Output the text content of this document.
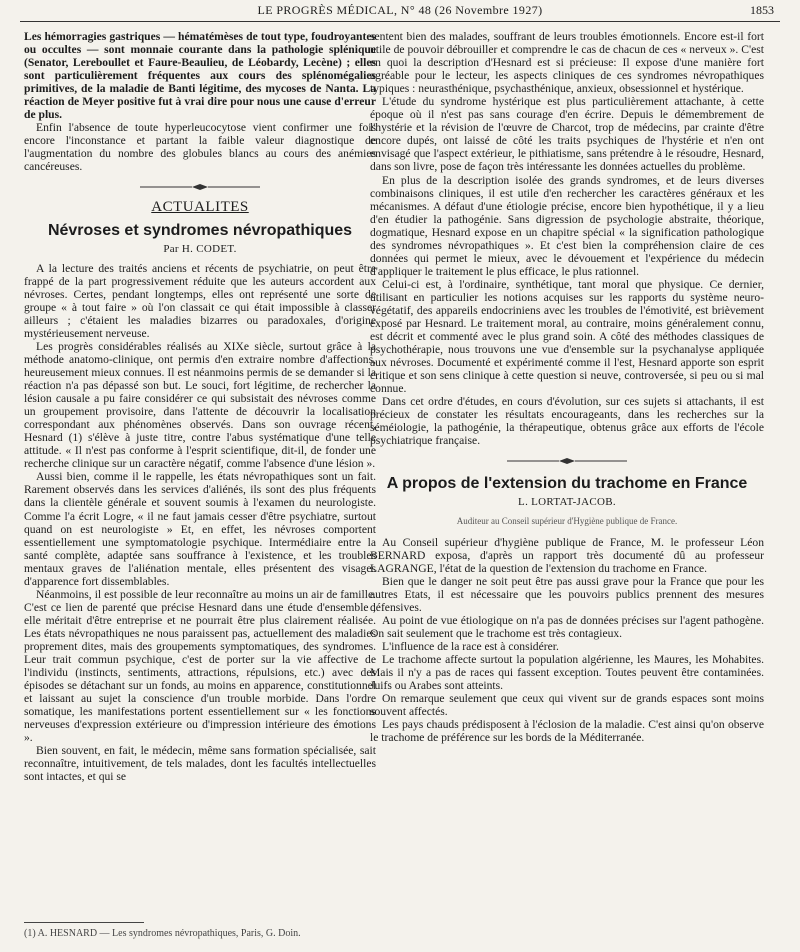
LE PROGRÈS MÉDICAL, N° 48 (26 Novembre 1927)	1853

Les hémorragies gastriques — hématémèses de tout type, foudroyantes ou occultes — sont monnaie courante dans la pathologie splénique (Senator, Lereboullet et Faure-Beaulieu, de Léobardy, Lecène) ; elles sont particulièrement fréquentes aux cours des splénomégalies primitives, de la maladie de Banti légitime, des mycoses de Nanta. La réaction de Meyer positive fut à vrai dire pour nous une cause d'erreur de plus.

Enfin l'absence de toute hyperleucocytose vient confirmer une fois encore l'inconstance et partant la faible valeur diagnostique de l'augmentation du nombre des globules blancs au cours des anémies cancéreuses.

ACTUALITES
Névroses et syndromes névropathiques
Par H. CODET.

A la lecture des traités anciens et récents de psychiatrie, on peut être frappé de la part progressivement réduite que les auteurs accordent aux névroses. Certes, pendant longtemps, elles ont représenté une sorte de groupe « à tout faire » où l'on classait ce qui était impossible à classer ailleurs ; c'étaient les maladies bizarres ou paradoxales, d'origine mystérieusement nerveuse.

Les progrès considérables réalisés au XIXe siècle, surtout grâce à la méthode anatomo-clinique, ont permis d'en extraire nombre d'affections, heureusement mieux connues. Il est néanmoins permis de se demander si la réaction n'a pas dépassé son but. Le souci, fort légitime, de rechercher la lésion causale a pu faire considérer ce qui subsistait des névroses comme un groupement provisoire, dans l'attente de découvrir la localisation correspondant aux phénomènes observés. Dans son ouvrage récent, Hesnard (1) s'élève à juste titre, contre l'abus systématique d'une telle attitude. « Il n'est pas conforme à l'esprit scientifique, dit-il, de fonder une recherche clinique sur un caractère négatif, comme l'absence d'une lésion ».

Aussi bien, comme il le rappelle, les états névropathiques sont un fait. Rarement observés dans les services d'aliénés, ils sont des plus fréquents dans la clientèle générale et souvent soumis à l'examen du neurologiste. Comme l'a écrit Logre, « il ne faut jamais cesser d'être psychiatre, surtout quand on est neurologiste » Et, en effet, les névroses comportent essentiellement une symptomatologie psychique. Intermédiaire entre la santé complète, adaptée sans souffrance à l'existence, et les troubles mentaux graves de l'aliénation mentale, elles présentent des visages d'apparence fort dissemblables.

Néanmoins, il est possible de leur reconnaître au moins un air de famille. C'est ce lien de parenté que précise Hesnard dans une étude d'ensemble ; elle méritait d'être entreprise et ne pourrait être plus clairement réalisée. Les états névropathiques ne nous paraissent pas, actuellement des maladies proprement dites, mais des groupements symptomatiques, des syndromes. Leur trait commun psychique, c'est de porter sur la vie affective de l'individu (instincts, sentiments, attractions, répulsions, etc.) avec des épisodes se détachant sur un fonds, au moins en apparence, constitutionnel et laissant au sujet la conscience d'un trouble morbide. Dans l'ordre somatique, les manifestations portent essentiellement sur « les fonctions nerveuses d'expression extérieure ou d'impression intérieure des émotions ».

Bien souvent, en fait, le médecin, même sans formation spécialisée, sait reconnaître, intuitivement, de tels malades, dont les facultés intellectuelles sont intactes, et qui se

(1) A. HESNARD — Les syndromes névropathiques, Paris, G. Doin.

sentent bien des malades, souffrant de leurs troubles émotionnels. Encore est-il fort utile de pouvoir débrouiller et comprendre le cas de chacun de ces « nerveux ». C'est en quoi la description d'Hesnard est si précieuse: Il expose d'une manière fort agréable pour le lecteur, les aspects cliniques de ces syndromes névropathiques typiques : neurasthénique, psychasthénique, anxieux, obsessionnel et hystérique.

L'étude du syndrome hystérique est plus particulièrement attachante, à cette époque où il n'est pas sans courage d'en écrire. Depuis le démembrement de l'hystérie et la révision de l'œuvre de Charcot, trop de médecins, par crainte d'être encore dupés, ont laissé de côté les traits psychiques de l'hystérie et n'en ont envisagé que l'aspect extérieur, le pithiatisme, sans prétendre à le résoudre, Hesnard, dans son livre, pose de façon très intéressante les données actuelles du problème.

En plus de la description isolée des grands syndromes, et de leurs diverses combinaisons cliniques, il est utile d'en rechercher les caractères généraux et les mécanismes. A défaut d'une étiologie précise, encore bien hypothétique, il y a lieu d'en étudier la pathogénie. Sans digression de psychologie abstraite, théorique, dogmatique, Hesnard expose en un chapitre spécial « la signification pathologique des syndromes névropathiques ». Et c'est bien la compréhension claire de ces données qui permet le mieux, avec le dévouement et l'expérience du médecin d'appliquer le traitement le plus efficace, le plus rationnel.

Celui-ci est, à l'ordinaire, synthétique, tant moral que physique. Ce dernier, utilisant en particulier les notions acquises sur les rapports du système neuro-végétatif, des appareils endocriniens avec les troubles de l'émotivité, est brièvement exposé par Hesnard. Le traitement moral, au contraire, moins généralement connu, est décrit et commenté avec le plus grand soin. A côté des méthodes classiques de psychothérapie, nous trouvons une vue d'ensemble sur la psychanalyse appliquée aux névroses. Documenté et expérimenté comme il l'est, Hesnard apporte son esprit critique et son sens clinique à cette question si neuve, controversée, si peu ou si mal connue.

Dans cet ordre d'études, en cours d'évolution, sur ces sujets si attachants, il est précieux de constater les résultats encourageants, dans les recherches sur la séméiologie, la pathogénie, la thérapeutique, obtenus grâce aux efforts de l'école psychiatrique française.

A propos de l'extension du trachome en France
L. LORTAT-JACOB.
Auditeur au Conseil supérieur d'Hygiène publique de France.

Au Conseil supérieur d'hygiène publique de France, M. le professeur Léon BERNARD exposa, d'après un rapport très documenté dû au professeur LAGRANGE, l'état de la question de l'extension du trachome en France.

Bien que le danger ne soit peut être pas aussi grave pour la France que pour les autres Etats, il est nécessaire que les pouvoirs publics prennent des mesures défensives.

Au point de vue étiologique on n'a pas de données précises sur l'agent pathogène. On sait seulement que le trachome est très contagieux.

L'influence de la race est à considérer.

Le trachome affecte surtout la population algérienne, les Maures, les Mohabites. Mais il n'y a pas de races qui fassent exception. Toutes peuvent être contaminées. Juifs ou Arabes sont atteints.

On remarque seulement que ceux qui vivent sur de grands espaces sont moins souvent affectés.

Les pays chauds prédisposent à l'éclosion de la maladie. C'est ainsi qu'on observe le trachome de préférence sur les bords de la Méditerranée.
